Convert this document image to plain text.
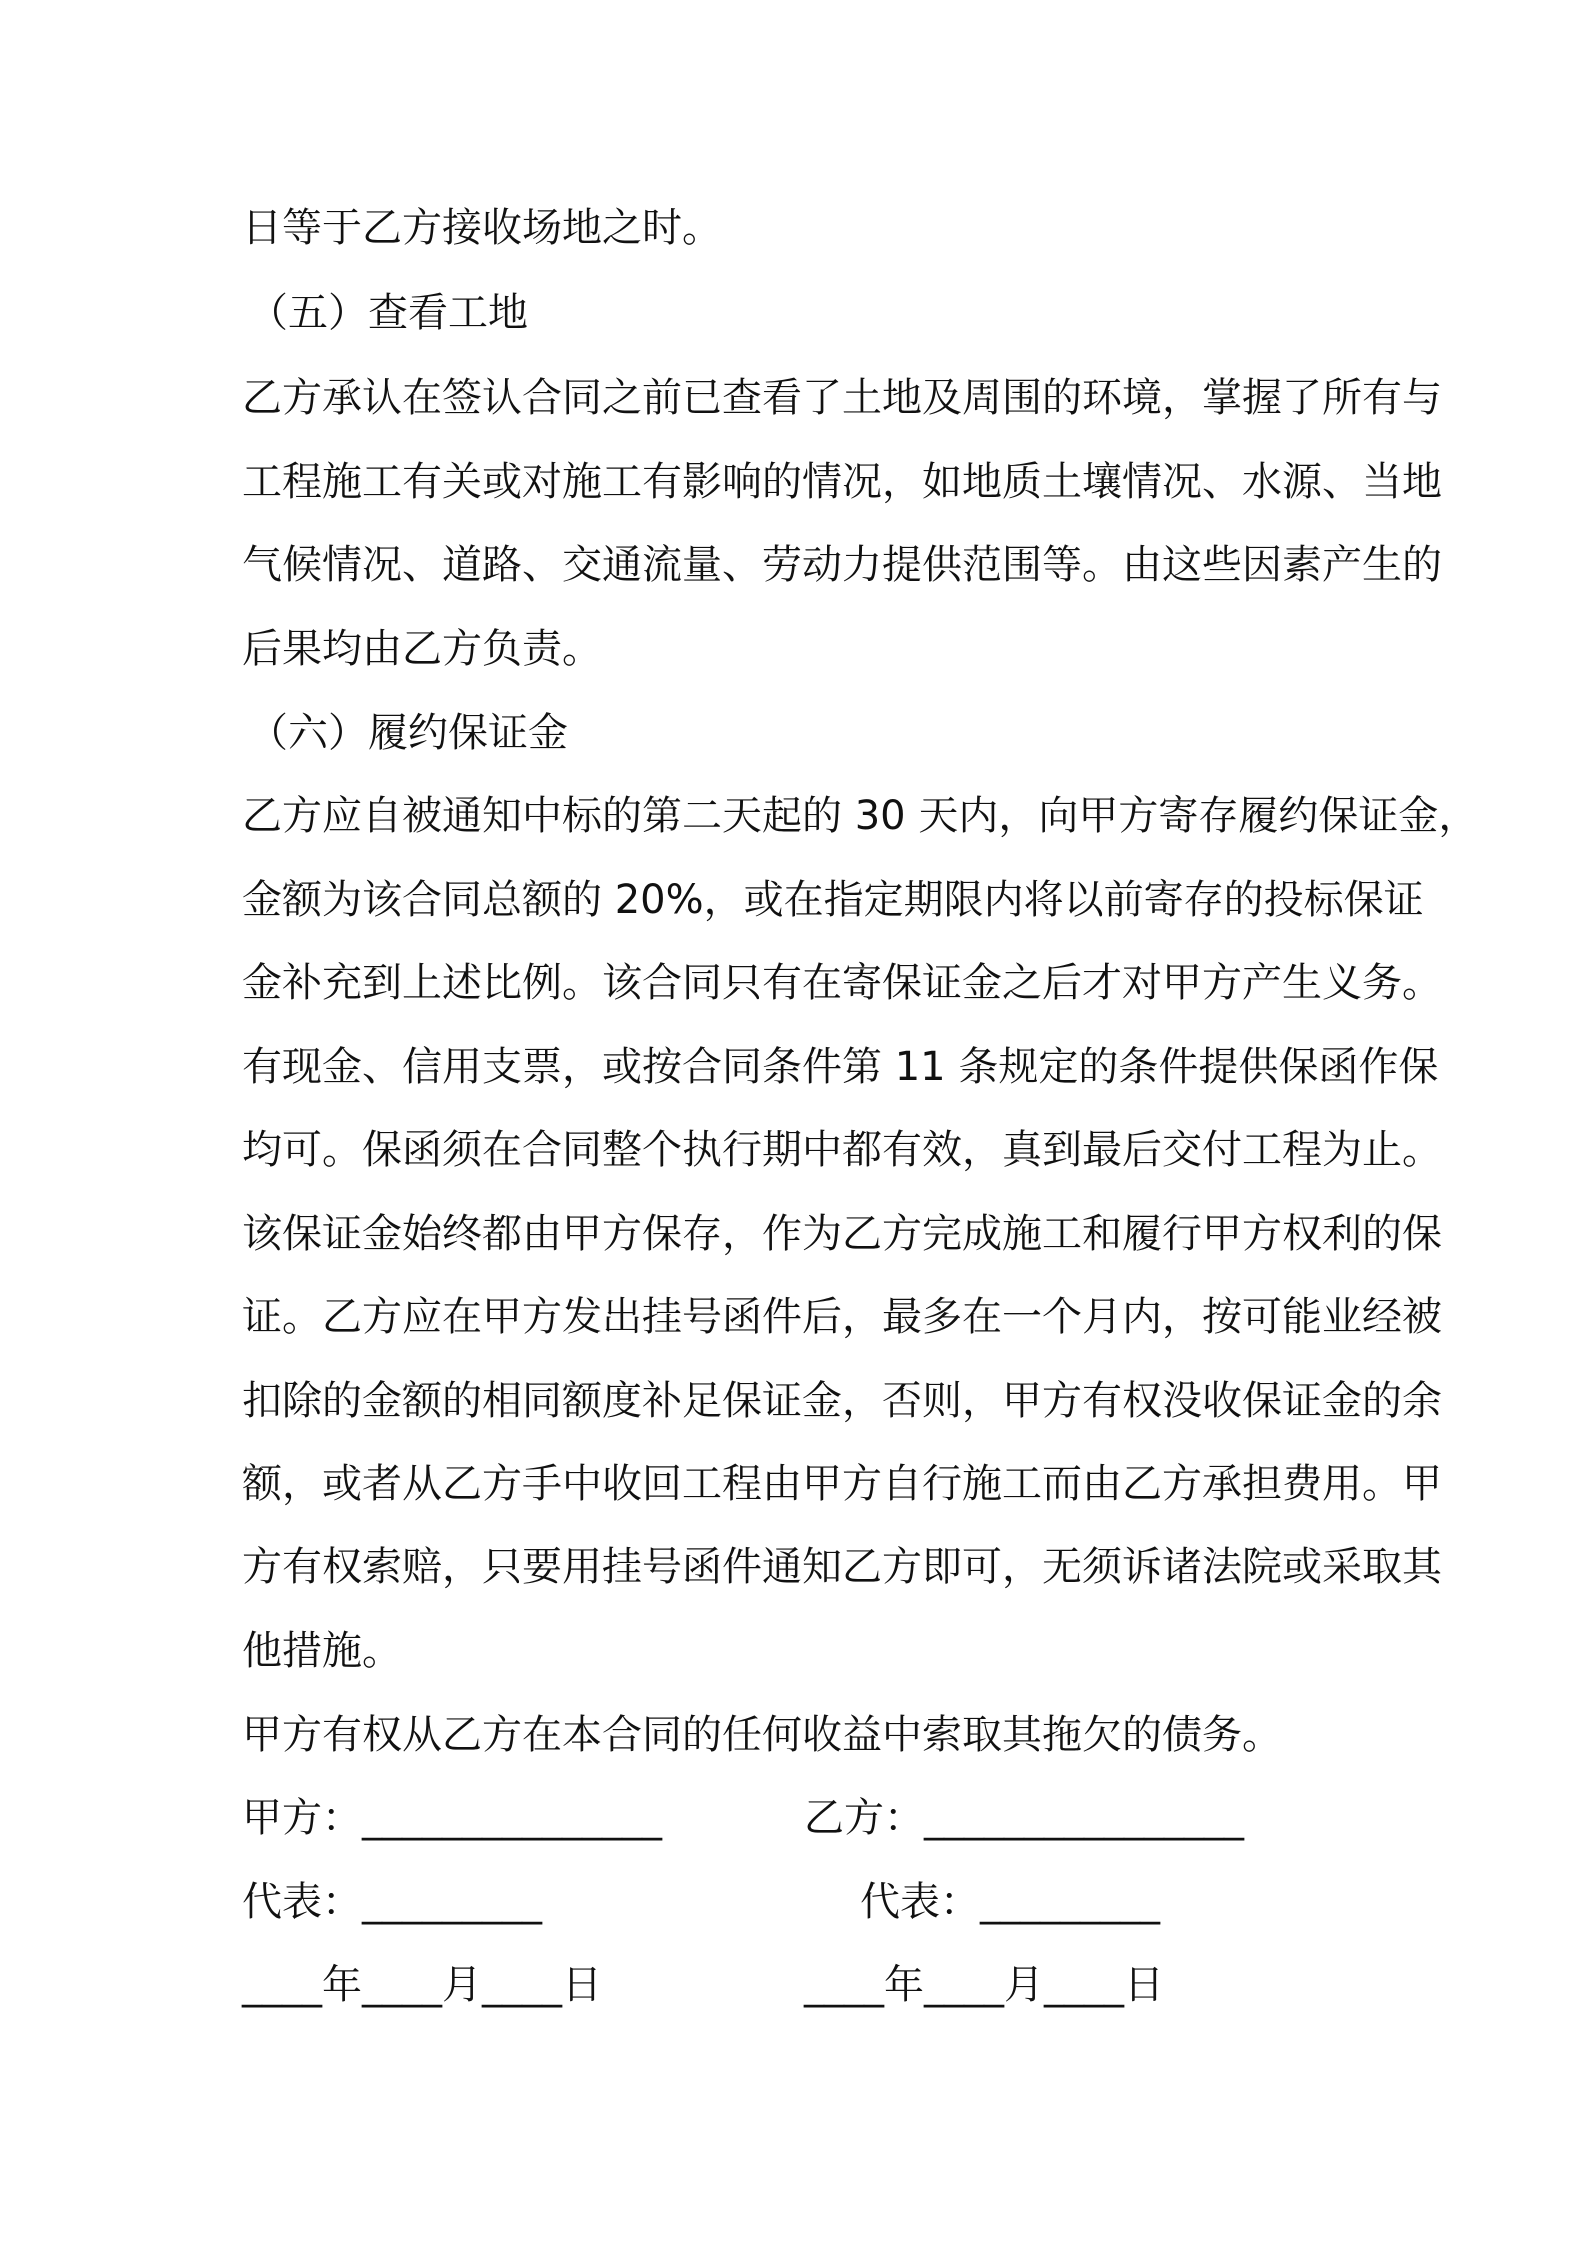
日等于乙方接收场地之时。
（五）查看工地
乙方承认在签认合同之前已查看了土地及周围的环境，掌握了所有与
工程施工有关或对施工有影响的情况，如地质土壤情况、水源、当地
气候情况、道路、交通流量、劳动力提供范围等。由这些因素产生的
后果均由乙方负责。
（六）履约保证金
乙方应自被通知中标的第二天起的 30 天内，向甲方寄存履约保证金，
金额为该合同总额的 20%，或在指定期限内将以前寄存的投标保证
金补充到上述比例。该合同只有在寄保证金之后才对甲方产生义务。
有现金、信用支票，或按合同条件第 11 条规定的条件提供保函作保
均可。保函须在合同整个执行期中都有效，真到最后交付工程为止。
该保证金始终都由甲方保存，作为乙方完成施工和履行甲方权利的保
证。乙方应在甲方发出挂号函件后，最多在一个月内，按可能业经被
扣除的金额的相同额度补足保证金，否则，甲方有权没收保证金的余
额，或者从乙方手中收回工程由甲方自行施工而由乙方承担费用。甲
方有权索赔，只要用挂号函件通知乙方即可，无须诉诸法院或采取其
他措施。
甲方有权从乙方在本合同的任何收益中索取其拖欠的债务。
甲方：_______________	乙方：________________
代表：_________	代表：_________
____年____月____日	____年____月____日
